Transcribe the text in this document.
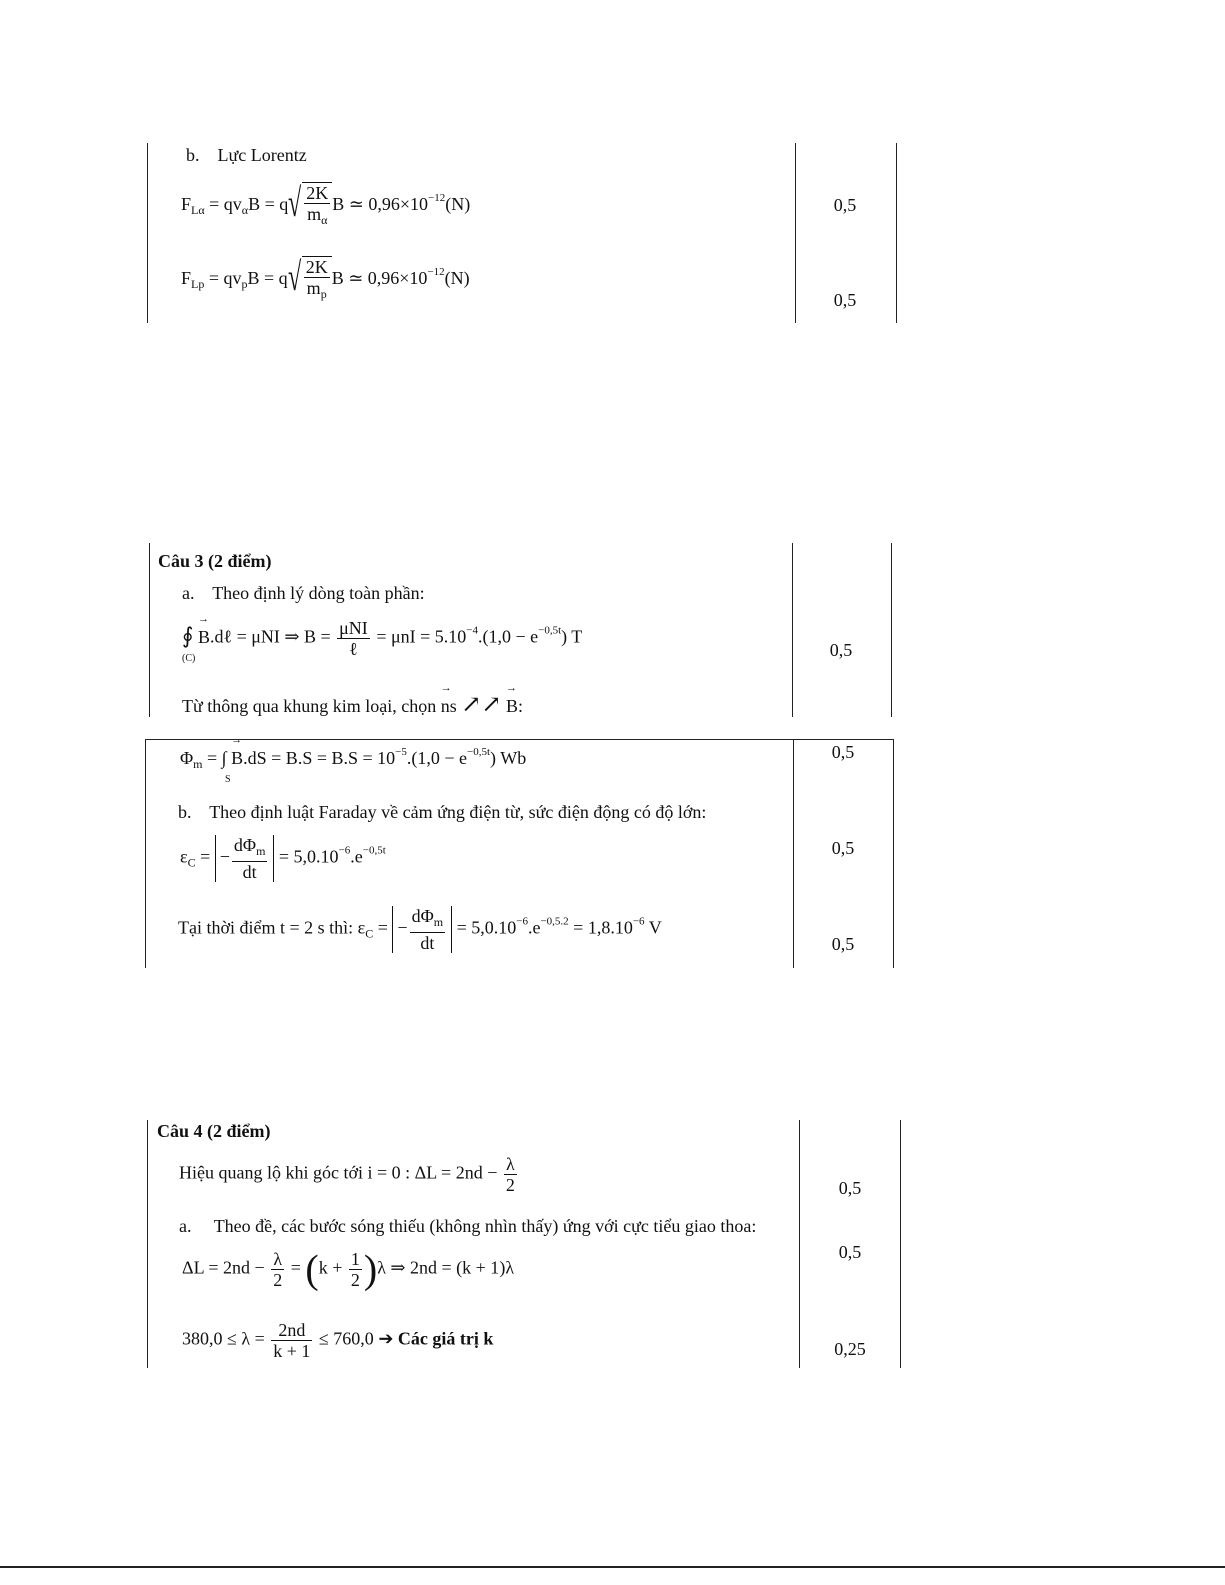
b. Lực Lorentz
$F_{L\alpha} = qv_\alpha B = q$ √ $\frac{2K}{m_\alpha}$ B ≃ $0,96\times 10^{-12}(N)$
$F_{Lp} = qv_pB = q$ √ $\frac{2K}{m_p}$ B ≃ $0,96\times 10^{-12}(N)$
0,5
0,5
Câu 3 (2 điểm)
a. Theo định lý dòng toàn phần:
∮
(C)
→ B.dℓ = μNI ⇒ $B = \frac{\text{μNI}}{\text{ℓ}} = \mu nI = 5.10^{-4}.(1,0 - e^{-0,5t})$ T
Từ thông qua khung kim loại, chọn → ns ↗↗ → B:
0,5
$\Phi_m$ = ∫
S
→ $B.dS = B.S = B.S = 10^{-5}.(1,0 - e^{-0,5t})$ Wb
b. Theo định luật Faraday về cảm ứng điện từ, sức điện động có độ lớn:
$\varepsilon_C$ = − $\frac{d\Phi_m}{dt} = 5,0.10^{-6}.e^{-0,5t}$
Tại thời điểm t = 2 s thì: $\varepsilon_C$ = − $\frac{d\Phi_m}{dt} = 5,0.10^{-6}.e^{-0,5.2} = 1,8.10^{-6}$ V
0,5
0,5
0,5
Câu 4 (2 điểm)
Hiệu quang lộ khi góc tới i = 0 : $\Delta L = 2nd - \frac{\lambda}{2}$
a. Theo đề, các bước sóng thiếu (không nhìn thấy) ứng với cực tiểu giao thoa:
$\Delta L = 2nd - \frac{\lambda}{2} = (k + \frac{1}{2} )\lambda$ ⇒ 2nd = (k + 1)λ
$380,0 \le \lambda = \frac{2nd}{k + 1} \le 760,0$ ➔ Các giá trị k
0,5
0,5
0,25
